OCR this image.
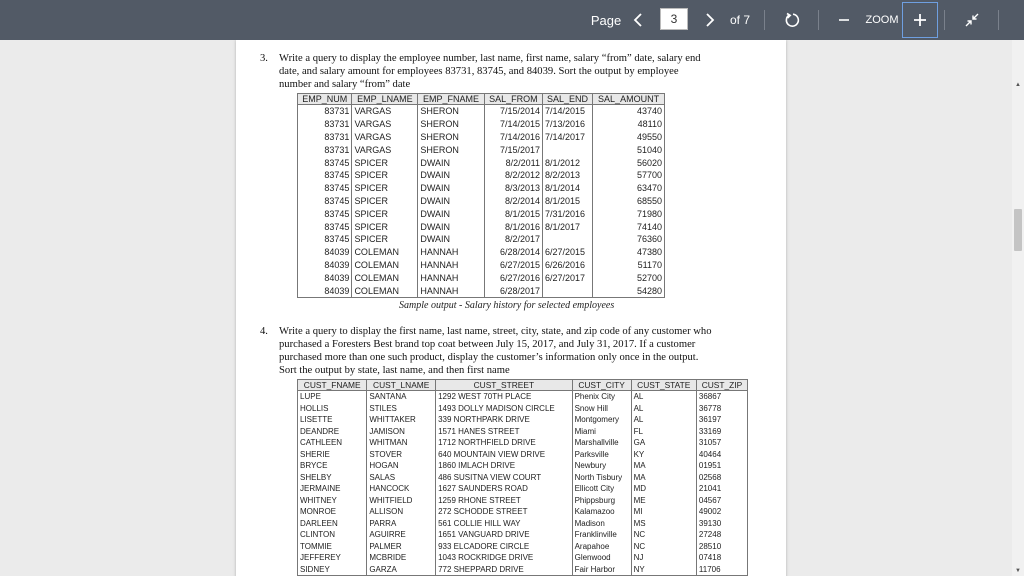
Page
3	of 7	ZOOM
3. Write a query to display the employee number, last name, first name, salary “from” date, salary end
date, and salary amount for employees 83731, 83745, and 84039. Sort the output by employee
number and salary “from” date
EMP_NUM	EMP_LNAME	EMP_FNAME	SAL_FROM	SAL_END	SAL_AMOUNT
83731	VARGAS	SHERON	7/15/2014	7/14/2015	43740
83731	VARGAS	SHERON	7/14/2015	7/13/2016	48110
83731	VARGAS	SHERON	7/14/2016	7/14/2017	49550
83731	VARGAS	SHERON	7/15/2017		51040
83745	SPICER	DWAIN	8/2/2011	8/1/2012	56020
83745	SPICER	DWAIN	8/2/2012	8/2/2013	57700
83745	SPICER	DWAIN	8/3/2013	8/1/2014	63470
83745	SPICER	DWAIN	8/2/2014	8/1/2015	68550
83745	SPICER	DWAIN	8/1/2015	7/31/2016	71980
83745	SPICER	DWAIN	8/1/2016	8/1/2017	74140
83745	SPICER	DWAIN	8/2/2017		76360
84039	COLEMAN	HANNAH	6/28/2014	6/27/2015	47380
84039	COLEMAN	HANNAH	6/27/2015	6/26/2016	51170
84039	COLEMAN	HANNAH	6/27/2016	6/27/2017	52700
84039	COLEMAN	HANNAH	6/28/2017		54280
Sample output - Salary history for selected employees
4. Write a query to display the first name, last name, street, city, state, and zip code of any customer who
purchased a Foresters Best brand top coat between July 15, 2017, and July 31, 2017. If a customer
purchased more than one such product, display the customer’s information only once in the output.
Sort the output by state, last name, and then first name
CUST_FNAME	CUST_LNAME	CUST_STREET	CUST_CITY	CUST_STATE	CUST_ZIP
LUPE	SANTANA	1292 WEST 70TH PLACE	Phenix City	AL	36867
HOLLIS	STILES	1493 DOLLY MADISON CIRCLE	Snow Hill	AL	36778
LISETTE	WHITTAKER	339 NORTHPARK DRIVE	Montgomery	AL	36197
DEANDRE	JAMISON	1571 HANES STREET	Miami	FL	33169
CATHLEEN	WHITMAN	1712 NORTHFIELD DRIVE	Marshallville	GA	31057
SHERIE	STOVER	640 MOUNTAIN VIEW DRIVE	Parksville	KY	40464
BRYCE	HOGAN	1860 IMLACH DRIVE	Newbury	MA	01951
SHELBY	SALAS	486 SUSITNA VIEW COURT	North Tisbury	MA	02568
JERMAINE	HANCOCK	1627 SAUNDERS ROAD	Ellicott City	MD	21041
WHITNEY	WHITFIELD	1259 RHONE STREET	Phippsburg	ME	04567
MONROE	ALLISON	272 SCHODDE STREET	Kalamazoo	MI	49002
DARLEEN	PARRA	561 COLLIE HILL WAY	Madison	MS	39130
CLINTON	AGUIRRE	1651 VANGUARD DRIVE	Franklinville	NC	27248
TOMMIE	PALMER	933 ELCADORE CIRCLE	Arapahoe	NC	28510
JEFFEREY	MCBRIDE	1043 ROCKRIDGE DRIVE	Glenwood	NJ	07418
SIDNEY	GARZA	772 SHEPPARD DRIVE	Fair Harbor	NY	11706
▲
▼
